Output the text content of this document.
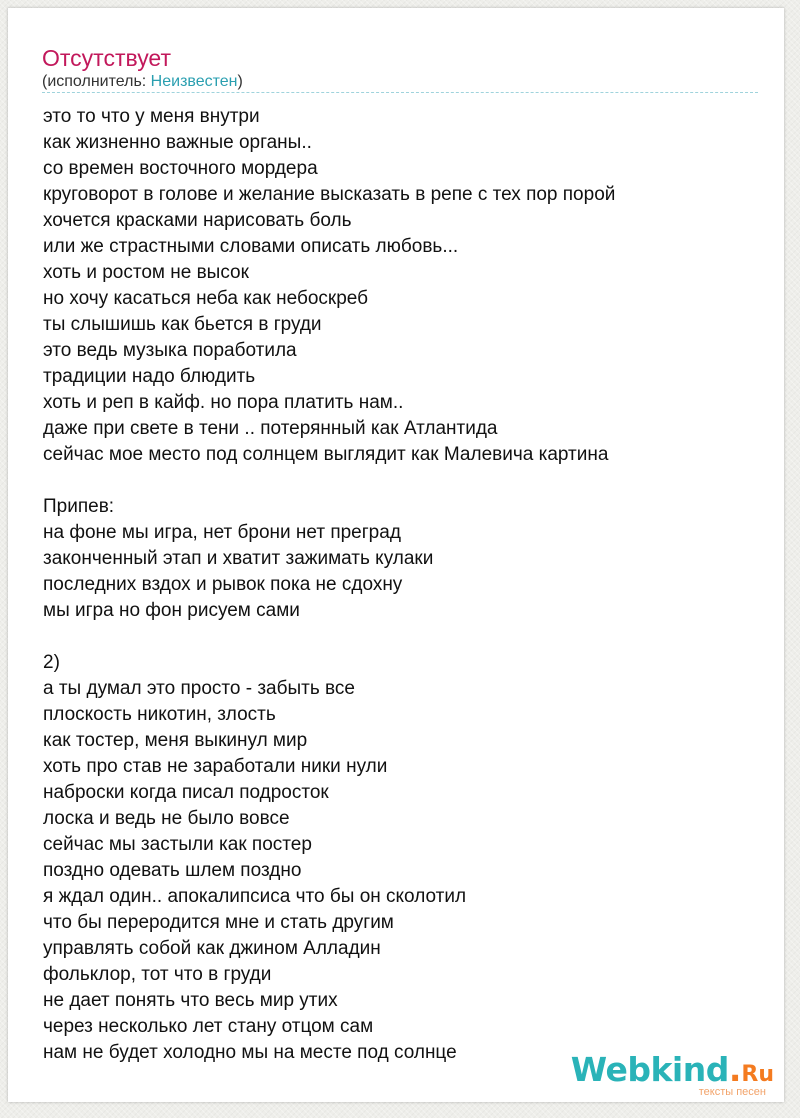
Отсутствует
(исполнитель: Неизвестен)
это то что у меня внутри
как жизненно важные органы..
со времен восточного мордера
круговорот в голове и желание высказать в репе с тех пор порой
хочется красками нарисовать боль
или же страстными словами описать любовь...
хоть и ростом не высок
но хочу касаться неба как небоскреб
ты слышишь как бьется в груди
это ведь музыка поработила
традиции надо блюдить
хоть и реп в кайф. но пора платить нам..
даже при свете в тени .. потерянный как Атлантида
сейчас мое место под солнцем выглядит как Малевича картина
Припев:
на фоне мы игра, нет брони нет преград
законченный этап и хватит зажимать кулаки
последних вздох и рывок пока не сдохну
мы игра но фон рисуем сами
2)
а ты думал это просто - забыть все
плоскость никотин, злость
как тостер, меня выкинул мир
хоть про став не заработали ники нули
наброски когда писал подросток
лоска и ведь не было вовсе
сейчас мы застыли как постер
поздно одевать шлем поздно
я ждал один.. апокалипсиса что бы он сколотил
что бы переродится мне и стать другим
управлять собой как джином Алладин
фольклор, тот что в груди
не дает понять что весь мир утих
через несколько лет стану отцом сам
нам не будет холодно мы на месте под солнце	Webkind.Ru
тексты песен
